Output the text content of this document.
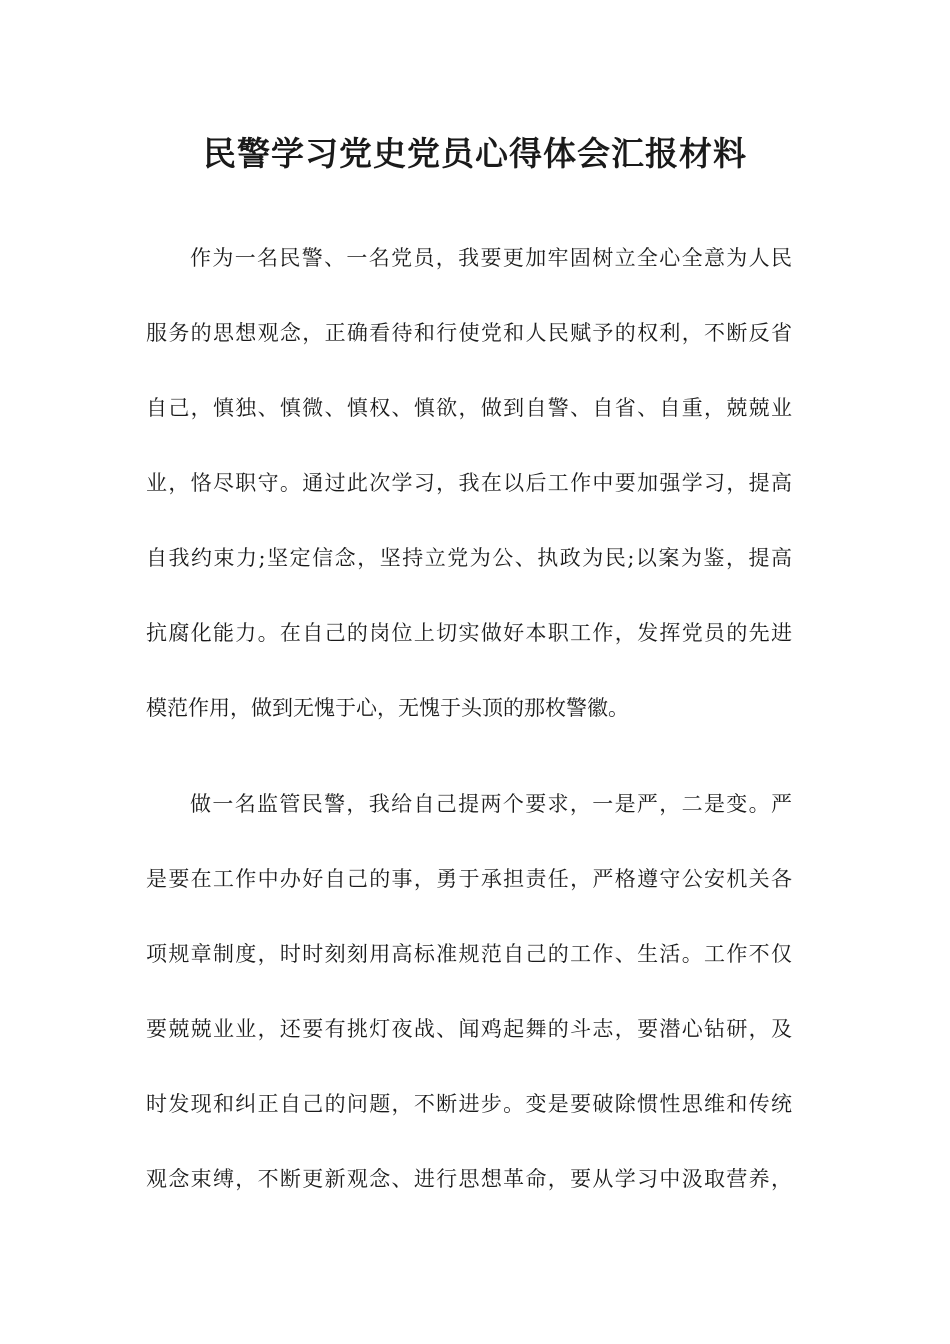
民警学习党史党员心得体会汇报材料
作为一名民警、一名党员，我要更加牢固树立全心全意为人民
服务的思想观念，正确看待和行使党和人民赋予的权利，不断反省
自己，慎独、慎微、慎权、慎欲，做到自警、自省、自重，兢兢业
业，恪尽职守。通过此次学习，我在以后工作中要加强学习，提高
自我约束力;坚定信念，坚持立党为公、执政为民;以案为鉴，提高
抗腐化能力。在自己的岗位上切实做好本职工作，发挥党员的先进
模范作用，做到无愧于心，无愧于头顶的那枚警徽。
做一名监管民警，我给自己提两个要求，一是严，二是变。严
是要在工作中办好自己的事，勇于承担责任，严格遵守公安机关各
项规章制度，时时刻刻用高标准规范自己的工作、生活。工作不仅
要兢兢业业，还要有挑灯夜战、闻鸡起舞的斗志，要潜心钻研，及
时发现和纠正自己的问题，不断进步。变是要破除惯性思维和传统
观念束缚，不断更新观念、进行思想革命，要从学习中汲取营养，
